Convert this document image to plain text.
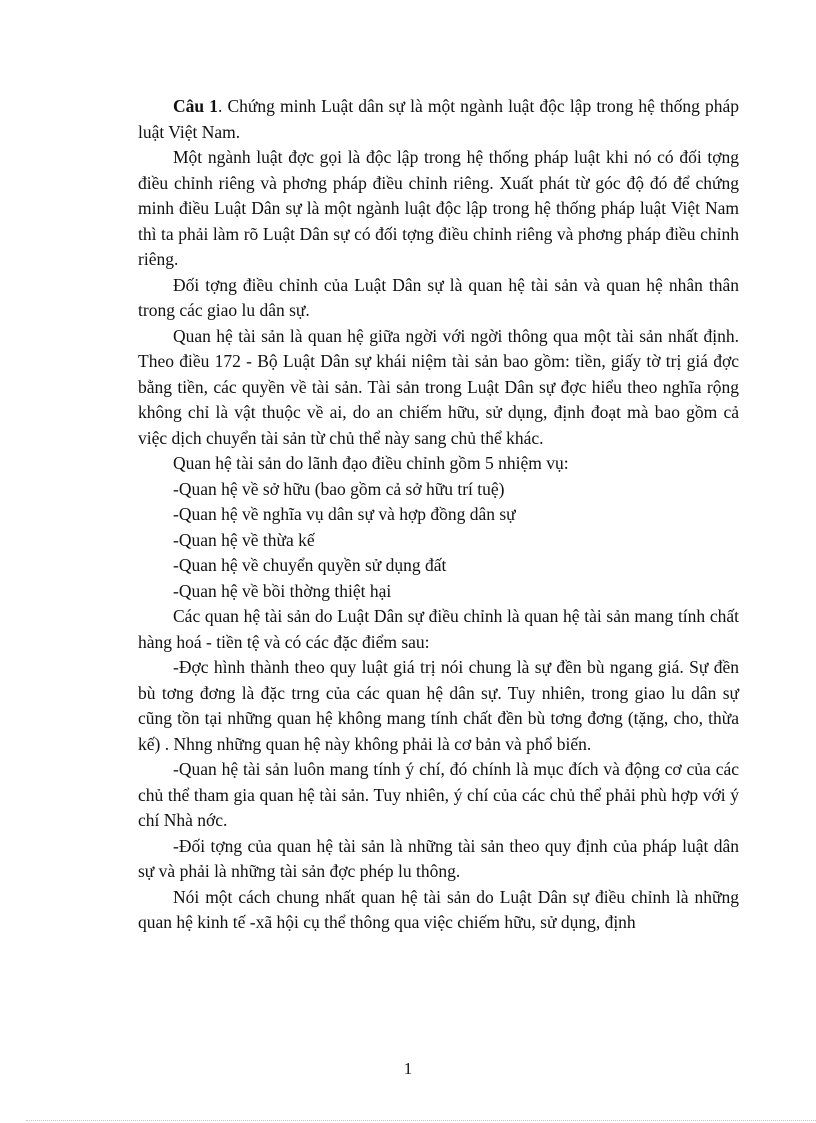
Câu 1. Chứng minh Luật dân sự là một ngành luật độc lập trong hệ thống pháp luật Việt Nam.

Một ngành luật đợc gọi là độc lập trong hệ thống pháp luật khi nó có đối tợng điều chỉnh riêng và phơng pháp điều chỉnh riêng. Xuất phát từ góc độ đó để chứng minh điều Luật Dân sự là một ngành luật độc lập trong hệ thống pháp luật Việt Nam thì ta phải làm rõ Luật Dân sự có đối tợng điều chỉnh riêng và phơng pháp điều chỉnh riêng.

Đối tợng điều chỉnh của Luật Dân sự là quan hệ tài sản và quan hệ nhân thân trong các giao lu dân sự.

Quan hệ tài sản là quan hệ giữa ngời với ngời thông qua một tài sản nhất định. Theo điều 172 - Bộ Luật Dân sự khái niệm tài sản bao gồm: tiền, giấy tờ trị giá đợc bằng tiền, các quyền về tài sản. Tài sản trong Luật Dân sự đợc hiểu theo nghĩa rộng không chỉ là vật thuộc về ai, do an chiếm hữu, sử dụng, định đoạt mà bao gồm cả việc dịch chuyển tài sản từ chủ thể này sang chủ thể khác.

Quan hệ tài sản do lãnh đạo điều chỉnh gồm 5 nhiệm vụ:

-Quan hệ về sở hữu (bao gồm cả sở hữu trí tuệ)

-Quan hệ về nghĩa vụ dân sự và hợp đồng dân sự

-Quan hệ về thừa kế

-Quan hệ về chuyển quyền sử dụng đất

-Quan hệ về bồi thờng thiệt hại

Các quan hệ tài sản do Luật Dân sự điều chỉnh là quan hệ tài sản mang tính chất hàng hoá - tiền tệ và có các đặc điểm sau:

-Đợc hình thành theo quy luật giá trị nói chung là sự đền bù ngang giá. Sự đền bù tơng đơng là đặc trng của các quan hệ dân sự. Tuy nhiên, trong giao lu dân sự cũng tồn tại những quan hệ không mang tính chất đền bù tơng đơng (tặng, cho, thừa kế) . Nhng những quan hệ này không phải là cơ bản và phổ biến.

-Quan hệ tài sản luôn mang tính ý chí, đó chính là mục đích và động cơ của các chủ thể tham gia quan hệ tài sản. Tuy nhiên, ý chí của các chủ thể phải phù hợp với ý chí Nhà nớc.

-Đối tợng của quan hệ tài sản là những tài sản theo quy định của pháp luật dân sự và phải là những tài sản đợc phép lu thông.

Nói một cách chung nhất quan hệ tài sản do Luật Dân sự điều chỉnh là những quan hệ kinh tế -xã hội cụ thể thông qua việc chiếm hữu, sử dụng, định

1
